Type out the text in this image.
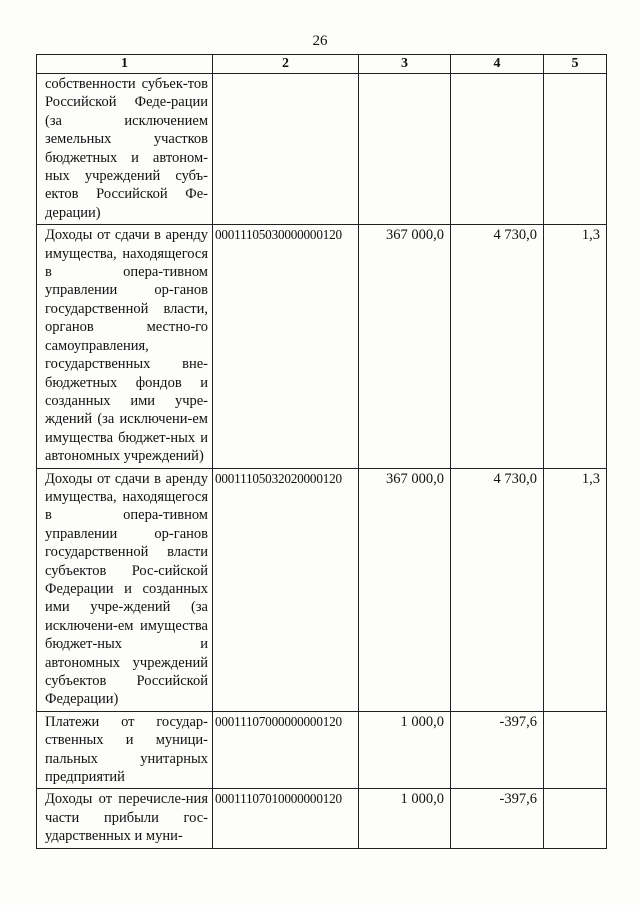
26
1	2	3	4	5
собственности субъек-тов Российской Феде-рации (за исключением земельных участков бюджетных и автоном-ных учреждений субъ-ектов Российской Фе-дерации)				
Доходы от сдачи в аренду имущества, находящегося в опера-тивном управлении ор-ганов государственной власти, органов местно-го самоуправления, государственных вне-бюджетных фондов и созданных ими учре-ждений (за исключени-ем имущества бюджет-ных и автономных учреждений)	00011105030000000120	367 000,0	4 730,0	1,3
Доходы от сдачи в аренду имущества, находящегося в опера-тивном управлении ор-ганов государственной власти субъектов Рос-сийской Федерации и созданных ими учре-ждений (за исключени-ем имущества бюджет-ных и автономных учреждений субъектов Российской Федерации)	00011105032020000120	367 000,0	4 730,0	1,3
Платежи от государ-ственных и муници-пальных унитарных предприятий	00011107000000000120	1 000,0	-397,6	
Доходы от перечисле-ния части прибыли гос-ударственных и муни-	00011107010000000120	1 000,0	-397,6	
